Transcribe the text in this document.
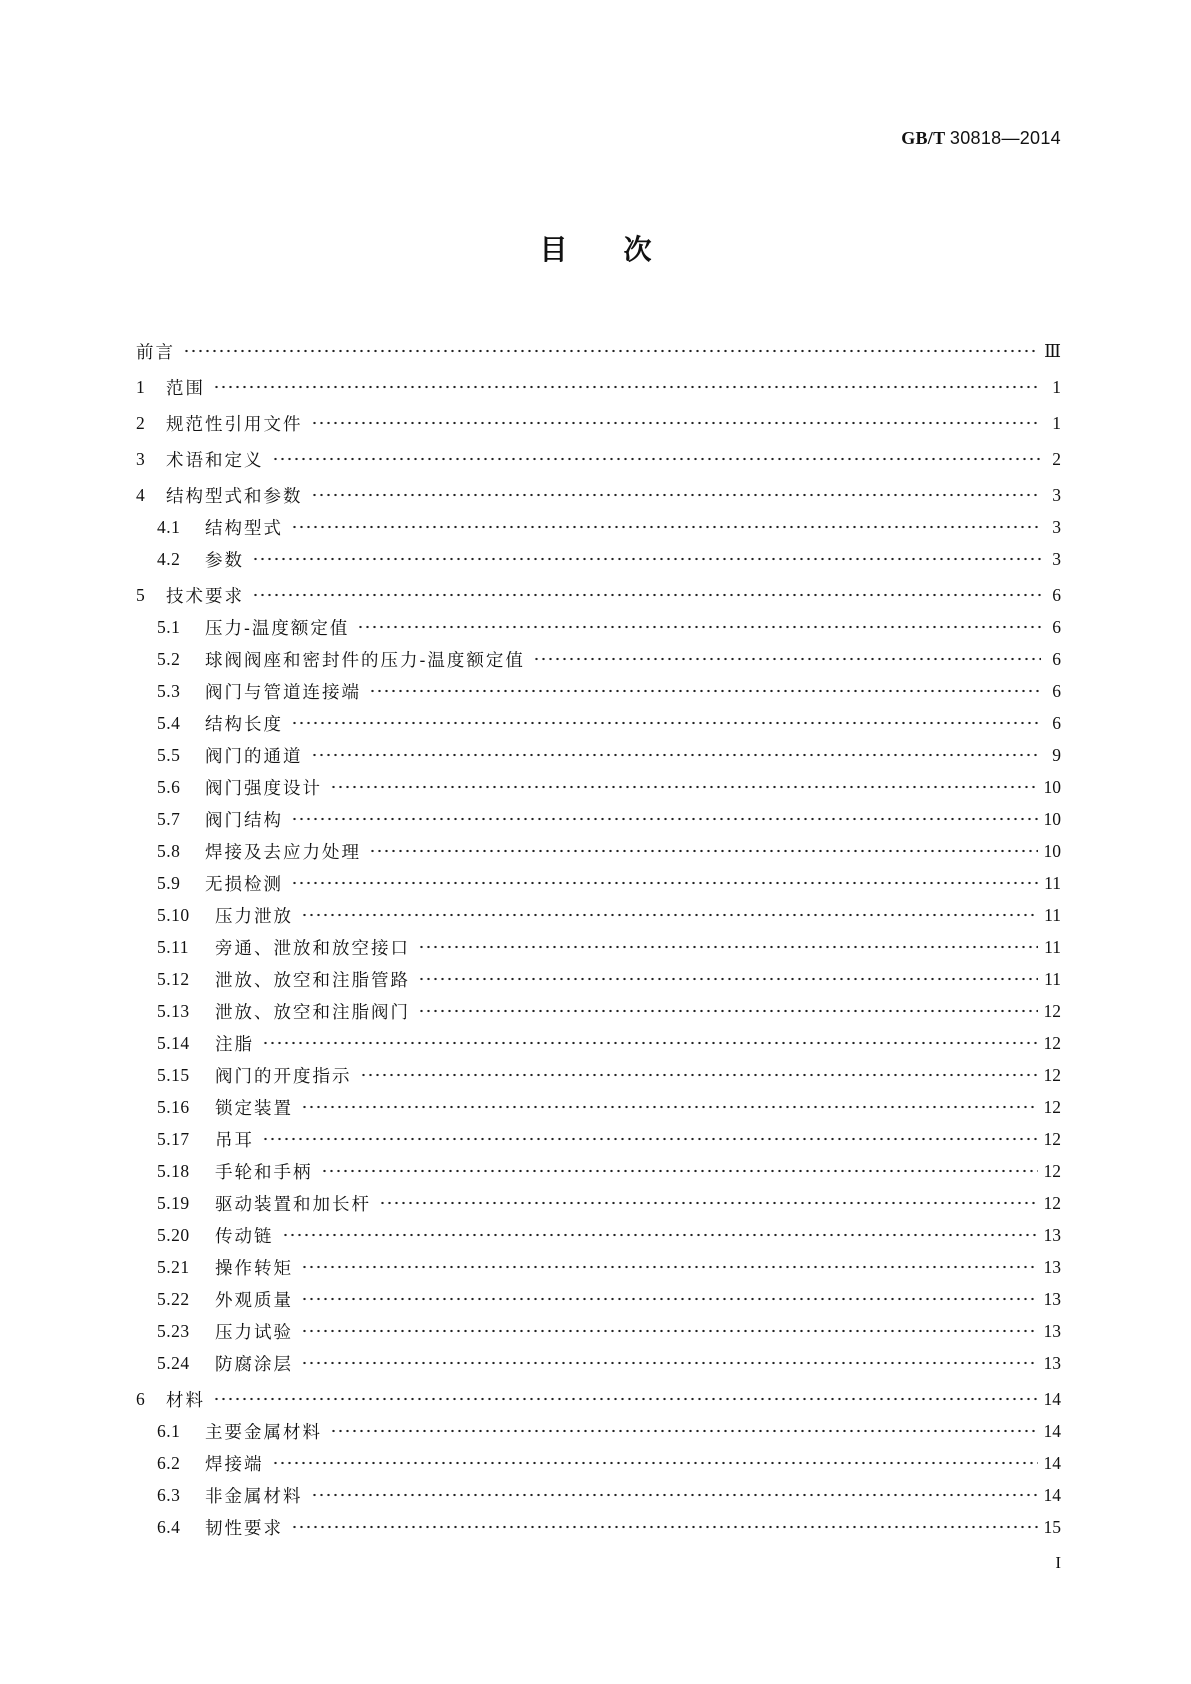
GB/T 30818—2014
目次
前言	Ⅲ
1	范围	1
2	规范性引用文件	1
3	术语和定义	2
4	结构型式和参数	3
4.1	结构型式	3
4.2	参数	3
5	技术要求	6
5.1	压力-温度额定值	6
5.2	球阀阀座和密封件的压力-温度额定值	6
5.3	阀门与管道连接端	6
5.4	结构长度	6
5.5	阀门的通道	9
5.6	阀门强度设计	10
5.7	阀门结构	10
5.8	焊接及去应力处理	10
5.9	无损检测	11
5.10	压力泄放	11
5.11	旁通、泄放和放空接口	11
5.12	泄放、放空和注脂管路	11
5.13	泄放、放空和注脂阀门	12
5.14	注脂	12
5.15	阀门的开度指示	12
5.16	锁定装置	12
5.17	吊耳	12
5.18	手轮和手柄	12
5.19	驱动装置和加长杆	12
5.20	传动链	13
5.21	操作转矩	13
5.22	外观质量	13
5.23	压力试验	13
5.24	防腐涂层	13
6	材料	14
6.1	主要金属材料	14
6.2	焊接端	14
6.3	非金属材料	14
6.4	韧性要求	15
I
